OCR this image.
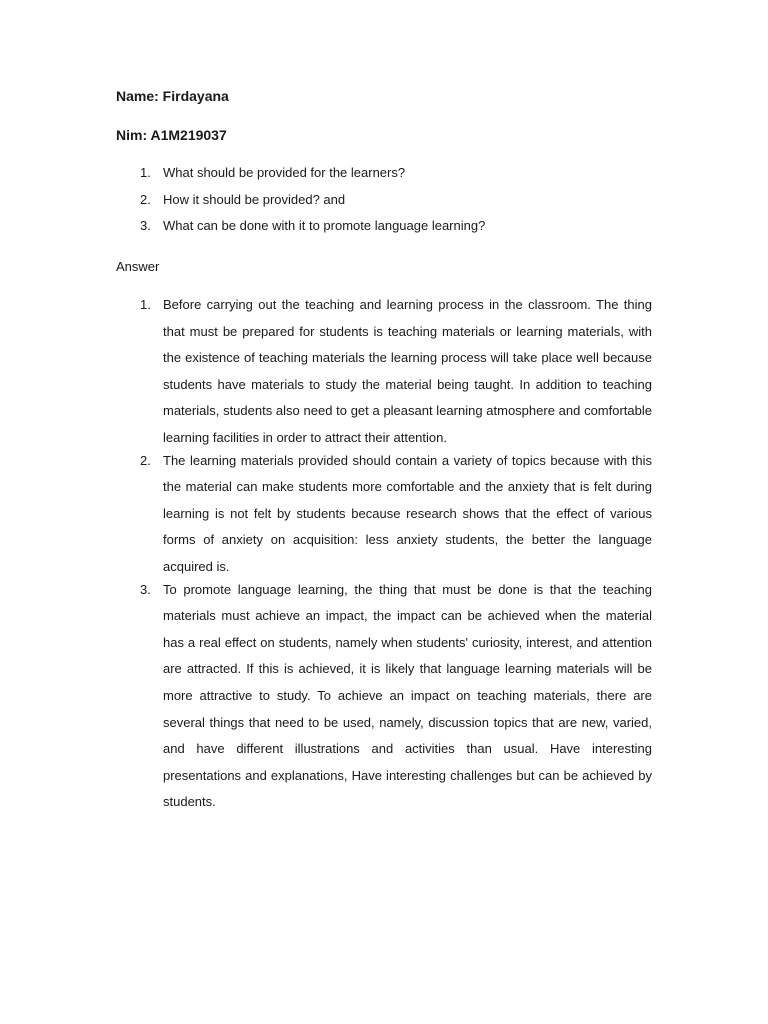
Name: Firdayana
Nim: A1M219037
1. What should be provided for the learners?
2. How it should be provided? and
3. What can be done with it to promote language learning?
Answer
1. Before carrying out the teaching and learning process in the classroom. The thing that must be prepared for students is teaching materials or learning materials, with the existence of teaching materials the learning process will take place well because students have materials to study the material being taught. In addition to teaching materials, students also need to get a pleasant learning atmosphere and comfortable learning facilities in order to attract their attention.
2. The learning materials provided should contain a variety of topics because with this the material can make students more comfortable and the anxiety that is felt during learning is not felt by students because research shows that the effect of various forms of anxiety on acquisition: less anxiety students, the better the language acquired is.
3. To promote language learning, the thing that must be done is that the teaching materials must achieve an impact, the impact can be achieved when the material has a real effect on students, namely when students' curiosity, interest, and attention are attracted. If this is achieved, it is likely that language learning materials will be more attractive to study. To achieve an impact on teaching materials, there are several things that need to be used, namely, discussion topics that are new, varied, and have different illustrations and activities than usual. Have interesting presentations and explanations, Have interesting challenges but can be achieved by students.
